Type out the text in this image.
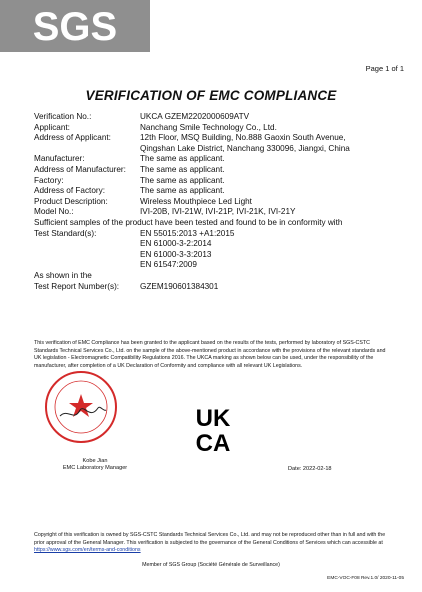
SGS
Page 1 of 1
VERIFICATION OF EMC COMPLIANCE
Verification No.:	UKCA GZEM2202000609ATV
Applicant:	Nanchang Smile Technology Co., Ltd.
Address of Applicant:	12th Floor, MSQ Building, No.888 Gaoxin South Avenue,
Qingshan Lake District, Nanchang 330096, Jiangxi, China
Manufacturer:	The same as applicant.
Address of Manufacturer:	The same as applicant.
Factory:	The same as applicant.
Address of Factory:	The same as applicant.
Product Description:	Wireless Mouthpiece Led Light
Model No.:	IVI-20B, IVI-21W, IVI-21P, IVI-21K, IVI-21Y
Sufficient samples of the product have been tested and found to be in conformity with
Test Standard(s):	EN 55015:2013 +A1:2015
EN 61000-3-2:2014
EN 61000-3-3:2013
EN 61547:2009
As shown in the
Test Report Number(s):	GZEM190601384301
This verification of EMC Compliance has been granted to the applicant based on the results of the tests, performed by laboratory of SGS-CSTC Standards Technical Services Co., Ltd. on the sample of the above-mentioned product in accordance with the provisions of the relevant standards and UK legislation - Electromagnetic Compatibility Regulations 2016. The UKCA marking as shown below can be used, under the responsibility of the manufacturer, after completion of a UK Declaration of Conformity and compliance with all relevant UK Legislations.
Kobe Jian
EMC Laboratory Manager
UK
CA
Date: 2022-02-18
Copyright of this verification is owned by SGS-CSTC Standards Technical Services Co., Ltd. and may not be reproduced other than in full and with the prior approval of the General Manager. This verification is subjected to the governance of the General Conditions of Services which can accessible at https://www.sgs.com/en/terms-and-conditions
Member of SGS Group (Société Générale de Surveillance)
EMC-VOC-F08 Rev.1.0/ 2020-11-05
